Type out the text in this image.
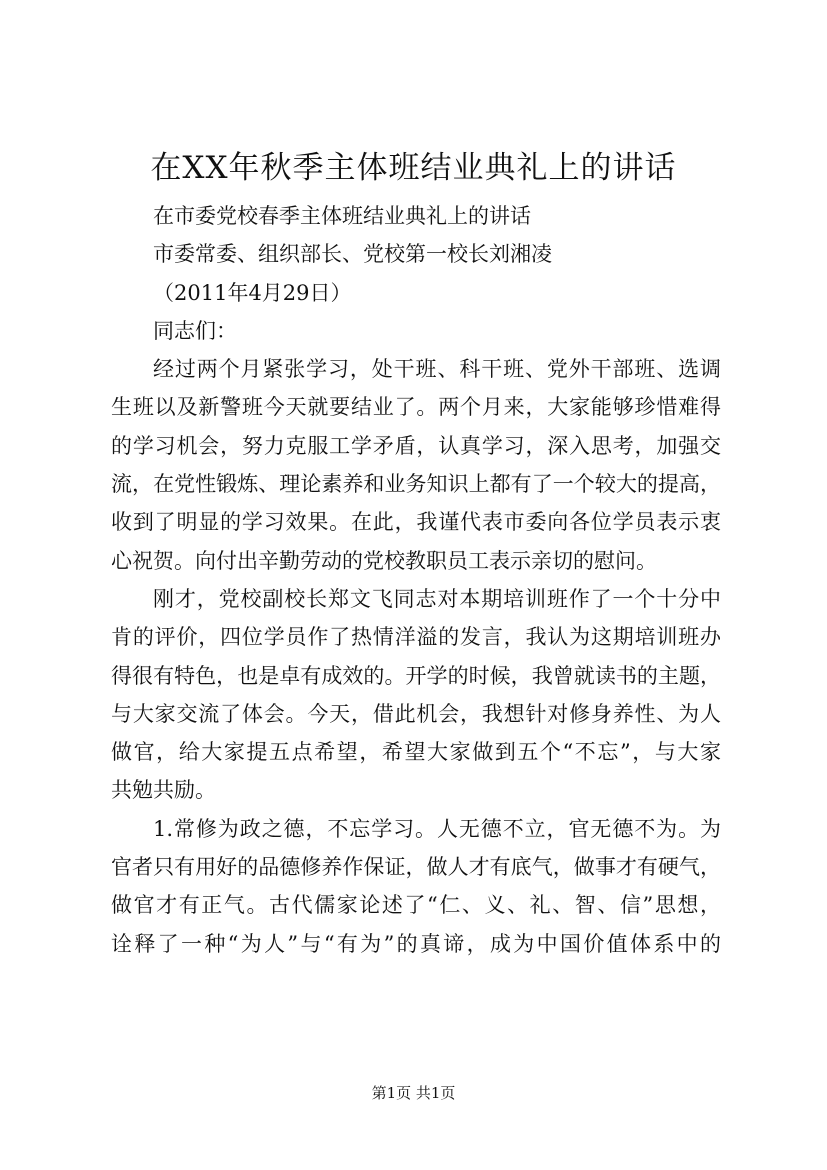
在XX年秋季主体班结业典礼上的讲话
在市委党校春季主体班结业典礼上的讲话
市委常委、组织部长、党校第一校长刘湘凌
（2011年4月29日）
同志们：
经过两个月紧张学习，处干班、科干班、党外干部班、选调
生班以及新警班今天就要结业了。两个月来，大家能够珍惜难得
的学习机会，努力克服工学矛盾，认真学习，深入思考，加强交
流，在党性锻炼、理论素养和业务知识上都有了一个较大的提高，
收到了明显的学习效果。在此，我谨代表市委向各位学员表示衷
心祝贺。向付出辛勤劳动的党校教职员工表示亲切的慰问。
刚才，党校副校长郑文飞同志对本期培训班作了一个十分中
肯的评价，四位学员作了热情洋溢的发言，我认为这期培训班办
得很有特色，也是卓有成效的。开学的时候，我曾就读书的主题，
与大家交流了体会。今天，借此机会，我想针对修身养性、为人
做官，给大家提五点希望，希望大家做到五个“不忘”，与大家
共勉共励。
1.常修为政之德，不忘学习。人无德不立，官无德不为。为
官者只有用好的品德修养作保证，做人才有底气，做事才有硬气，
做官才有正气。古代儒家论述了“仁、义、礼、智、信”思想，
诠释了一种“为人”与“有为”的真谛，成为中国价值体系中的
第1页 共1页
